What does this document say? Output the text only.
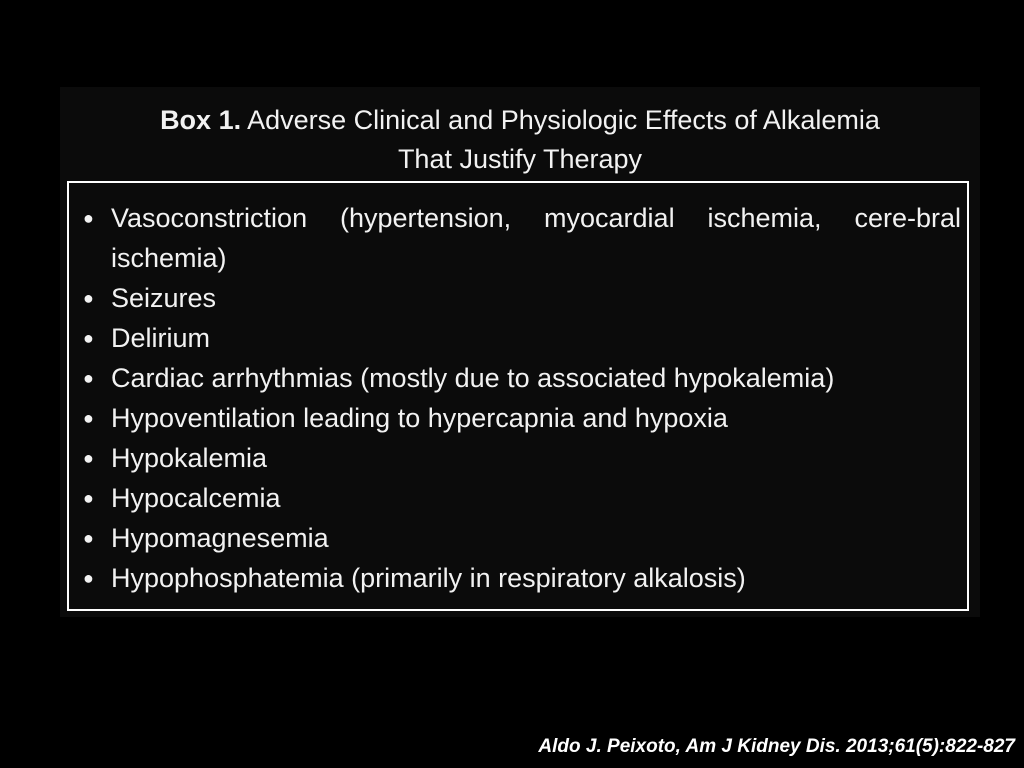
Box 1. Adverse Clinical and Physiologic Effects of Alkalemia
That Justify Therapy
● Vasoconstriction (hypertension, myocardial ischemia, cere-bral ischemia)
● Seizures
● Delirium
● Cardiac arrhythmias (mostly due to associated hypokalemia)
● Hypoventilation leading to hypercapnia and hypoxia
● Hypokalemia
● Hypocalcemia
● Hypomagnesemia
● Hypophosphatemia (primarily in respiratory alkalosis)
Aldo J. Peixoto, Am J Kidney Dis. 2013;61(5):822-827
